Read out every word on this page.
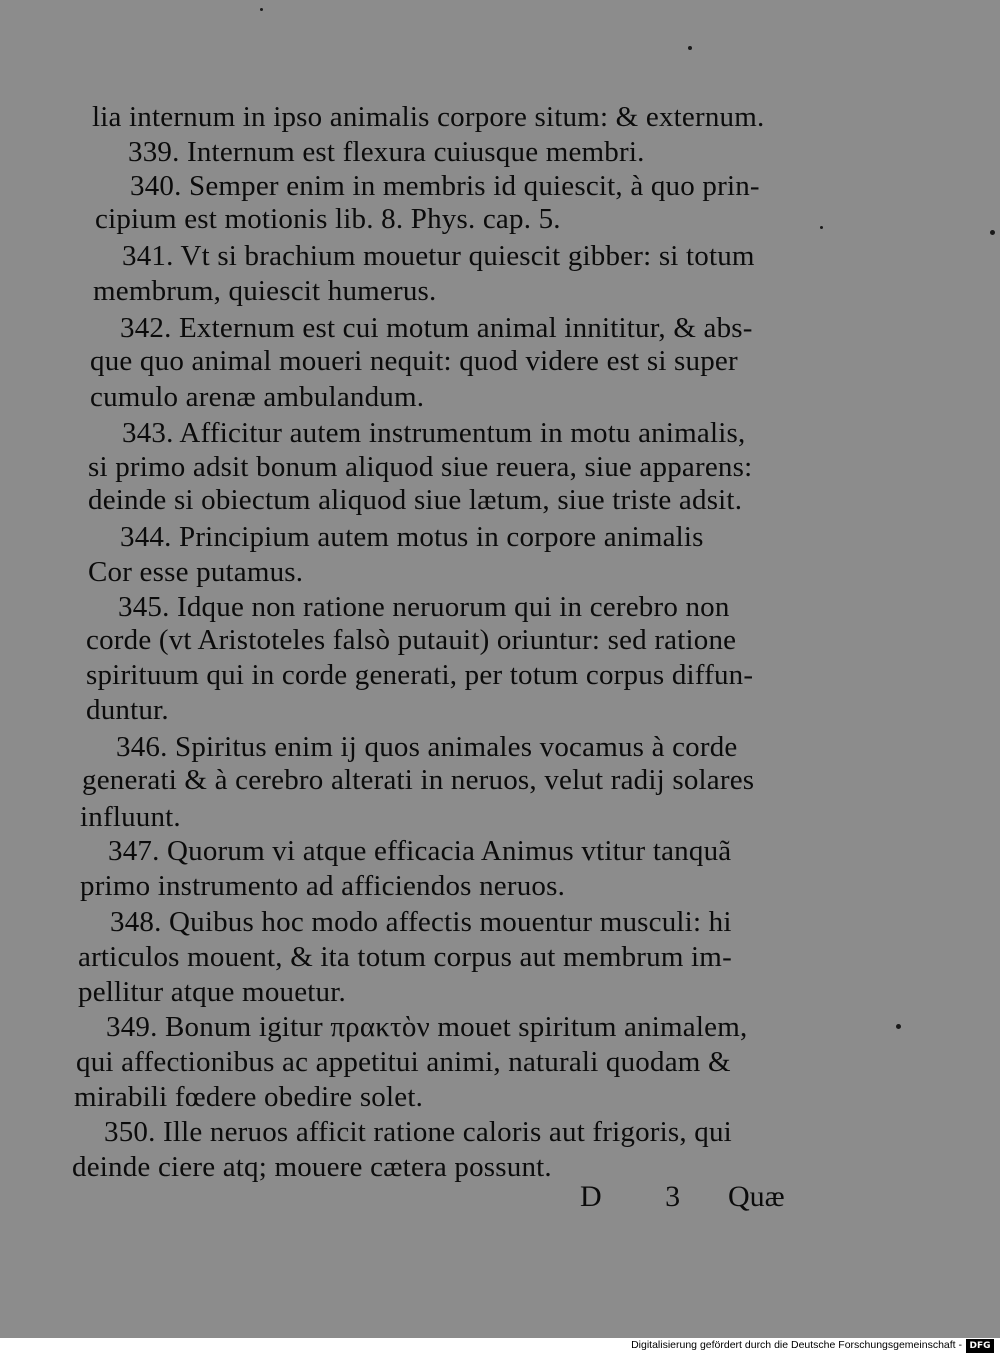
lia internum in ipso animalis corpore situm: & externum.
339. Internum est flexura cuiusque membri.
340. Semper enim in membris id quiescit, à quo prin-
cipium est motionis lib. 8. Phys. cap. 5.
341. Vt si brachium mouetur quiescit gibber: si totum
membrum, quiescit humerus.
342. Externum est cui motum animal innititur, & abs-
que quo animal moueri nequit: quod videre est si super
cumulo arenæ ambulandum.
343. Afficitur autem instrumentum in motu animalis,
si primo adsit bonum aliquod siue reuera, siue apparens:
deinde si obiectum aliquod siue lætum, siue triste adsit.
344. Principium autem motus in corpore animalis
Cor esse putamus.
345. Idque non ratione neruorum qui in cerebro non
corde (vt Aristoteles falsò putauit) oriuntur: sed ratione
spirituum qui in corde generati, per totum corpus diffun-
duntur.
346. Spiritus enim ij quos animales vocamus à corde
generati & à cerebro alterati in neruos, velut radij solares
influunt.
347. Quorum vi atque efficacia Animus vtitur tanquã
primo instrumento ad afficiendos neruos.
348. Quibus hoc modo affectis mouentur musculi: hi
articulos mouent, & ita totum corpus aut membrum im-
pellitur atque mouetur.
349. Bonum igitur πρακτὸν mouet spiritum animalem,
qui affectionibus ac appetitui animi, naturali quodam &
mirabili fœdere obedire solet.
350. Ille neruos afficit ratione caloris aut frigoris, qui
deinde ciere atq; mouere cætera possunt.
D 3 Quæ
Digitalisierung gefördert durch die Deutsche Forschungsgemeinschaft - DFG
